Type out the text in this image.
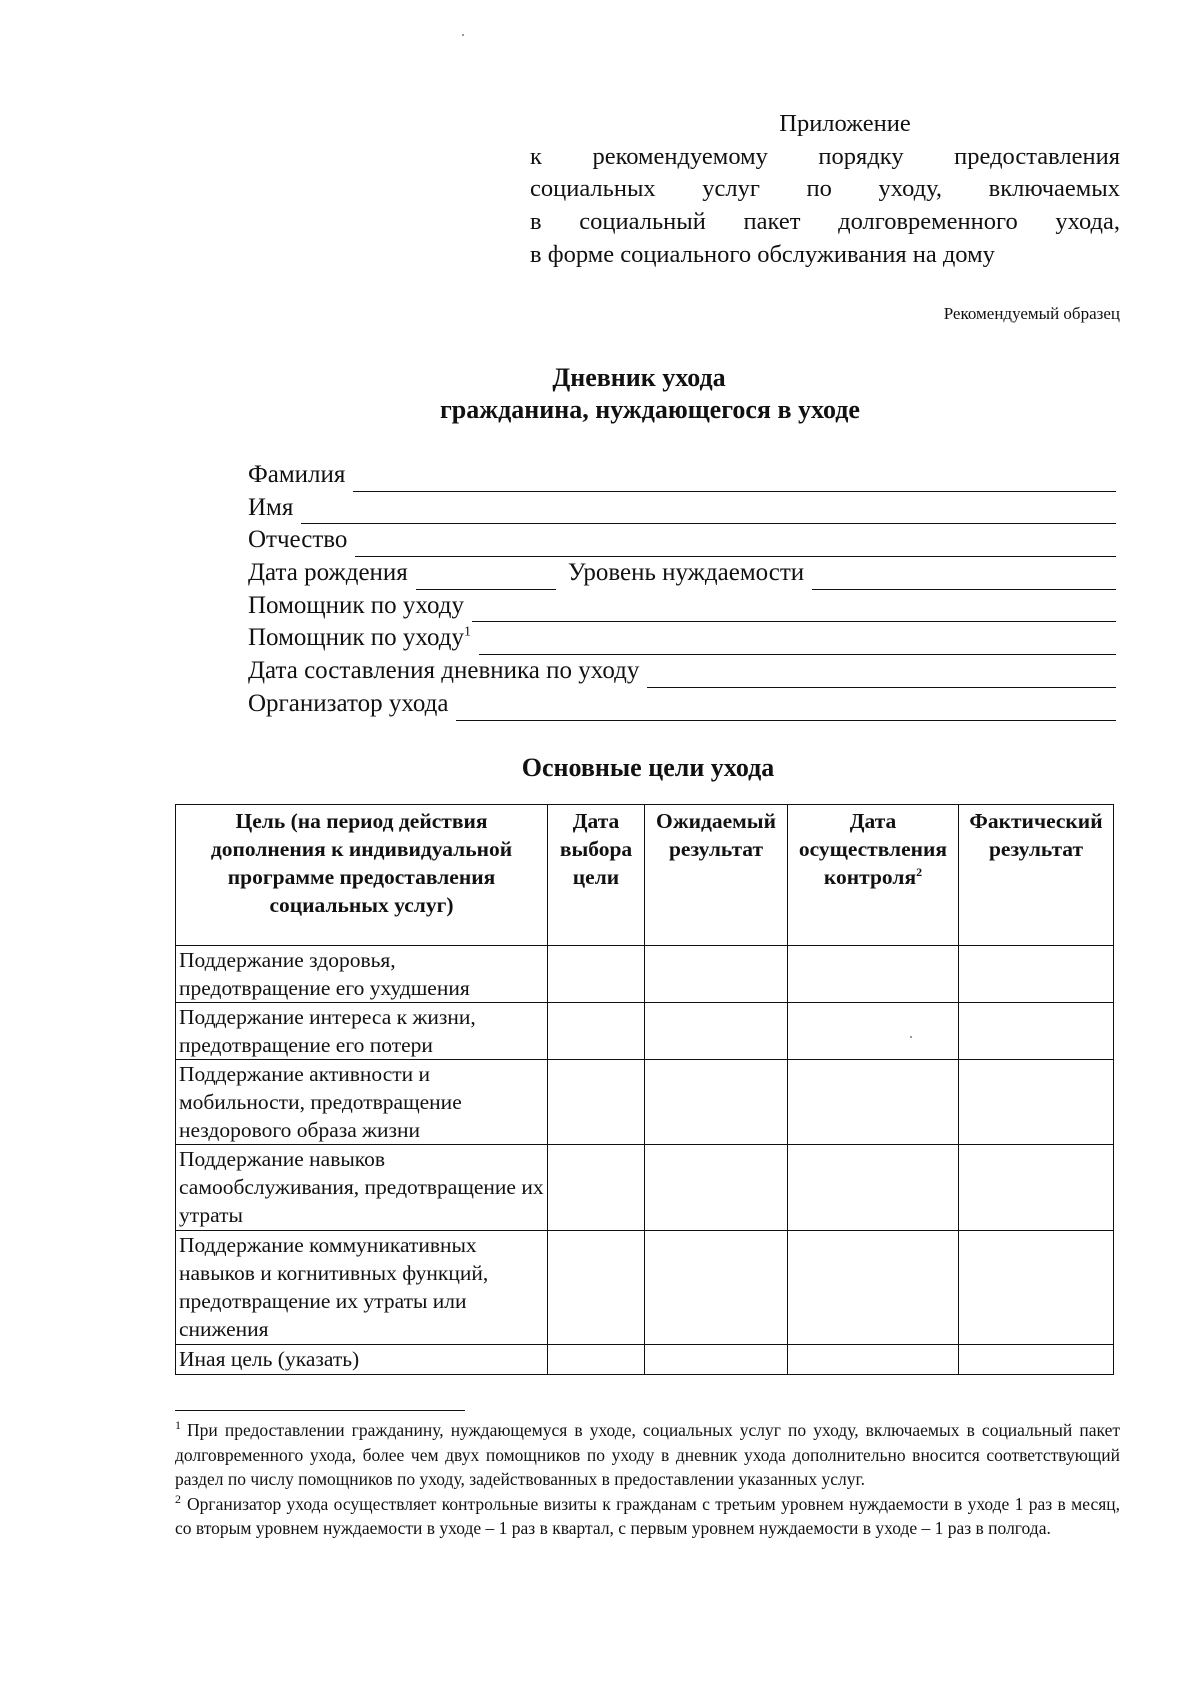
Приложение
к рекомендуемому порядку предоставления
социальных услуг по уходу, включаемых
в социальный пакет долговременного ухода,
в форме социального обслуживания на дому
Рекомендуемый образец
Дневник ухода
гражданина, нуждающегося в уходе
Фамилия
Имя
Отчество
Дата рождения	Уровень нуждаемости
Помощник по уходу
Помощник по уходу$^1$
Дата составления дневника по уходу
Организатор ухода
Основные цели ухода
Цель (на период действия дополнения к индивидуальной программе предоставления социальных услуг)	Дата выбора цели	Ожидаемый результат	Дата осуществления контроля$^2$	Фактический результат
Поддержание здоровья, предотвращение его ухудшения				
Поддержание интереса к жизни, предотвращение его потери				
Поддержание активности и мобильности, предотвращение нездорового образа жизни				
Поддержание навыков самообслуживания, предотвращение их утраты				
Поддержание коммуникативных навыков и когнитивных функций, предотвращение их утраты или снижения				
Иная цель (указать)				

$^1$ При предоставлении гражданину, нуждающемуся в уходе, социальных услуг по уходу, включаемых в социальный пакет долговременного ухода, более чем двух помощников по уходу в дневник ухода дополнительно вносится соответствующий раздел по числу помощников по уходу, задействованных в предоставлении указанных услуг.

$^2$ Организатор ухода осуществляет контрольные визиты к гражданам с третьим уровнем нуждаемости в уходе 1 раз в месяц, со вторым уровнем нуждаемости в уходе – 1 раз в квартал, с первым уровнем нуждаемости в уходе – 1 раз в полгода.
